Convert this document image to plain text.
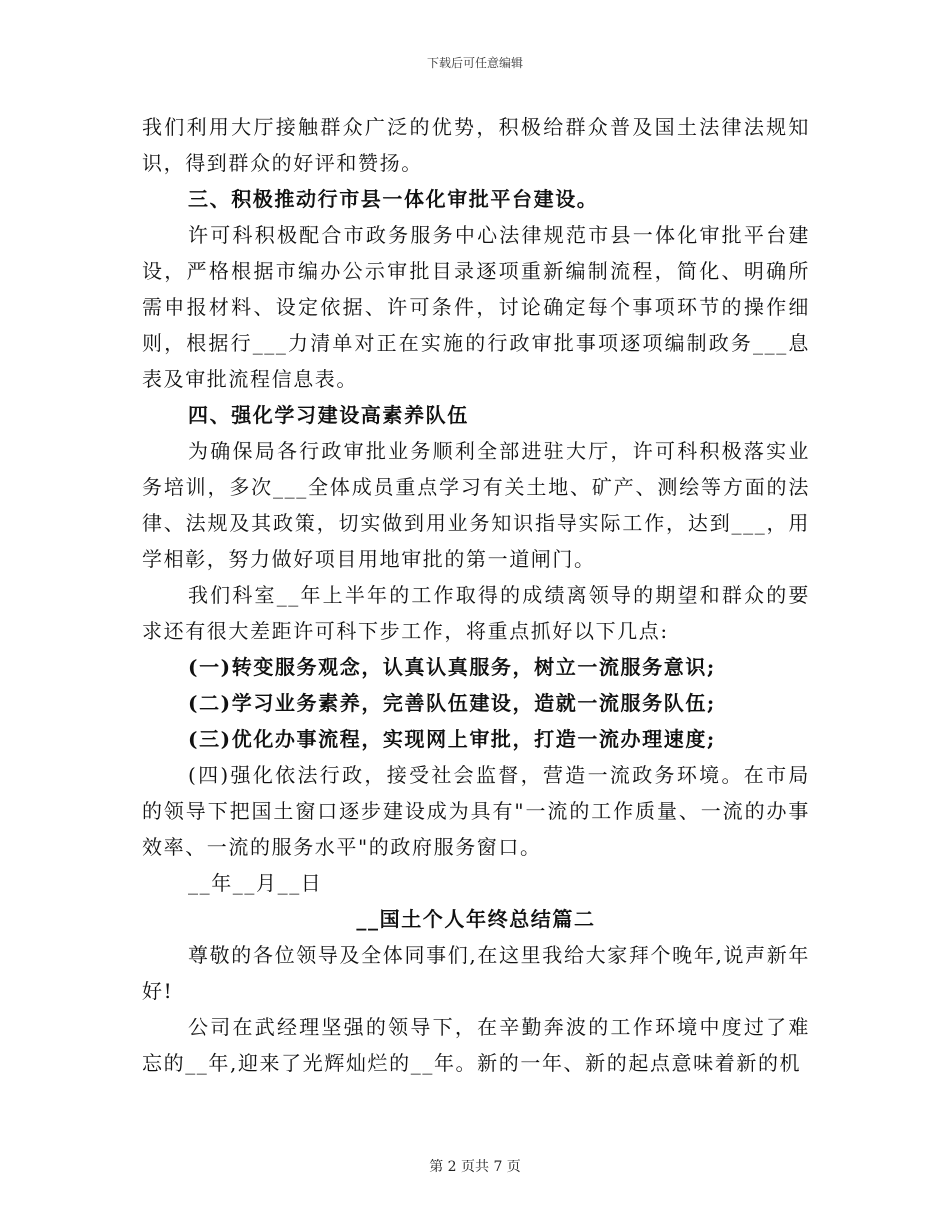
下载后可任意编辑

我们利用大厅接触群众广泛的优势，积极给群众普及国土法律法规知识，得到群众的好评和赞扬。

三、积极推动行市县一体化审批平台建设。

许可科积极配合市政务服务中心法律规范市县一体化审批平台建设，严格根据市编办公示审批目录逐项重新编制流程，简化、明确所需申报材料、设定依据、许可条件，讨论确定每个事项环节的操作细则，根据行___力清单对正在实施的行政审批事项逐项编制政务___息表及审批流程信息表。

四、强化学习建设高素养队伍

为确保局各行政审批业务顺利全部进驻大厅，许可科积极落实业务培训，多次___全体成员重点学习有关土地、矿产、测绘等方面的法律、法规及其政策，切实做到用业务知识指导实际工作，达到___，用学相彰，努力做好项目用地审批的第一道闸门。

我们科室__年上半年的工作取得的成绩离领导的期望和群众的要求还有很大差距许可科下步工作，将重点抓好以下几点:

(一)转变服务观念，认真认真服务，树立一流服务意识;

(二)学习业务素养，完善队伍建设，造就一流服务队伍;

(三)优化办事流程，实现网上审批，打造一流办理速度;

(四)强化依法行政，接受社会监督，营造一流政务环境。在市局的领导下把国土窗口逐步建设成为具有"一流的工作质量、一流的办事效率、一流的服务水平"的政府服务窗口。

__年__月__日

__国土个人年终总结篇二

尊敬的各位领导及全体同事们,在这里我给大家拜个晚年,说声新年好!

公司在武经理坚强的领导下，在辛勤奔波的工作环境中度过了难忘的__年,迎来了光辉灿烂的__年。新的一年、新的起点意味着新的机

第 2 页共 7 页
